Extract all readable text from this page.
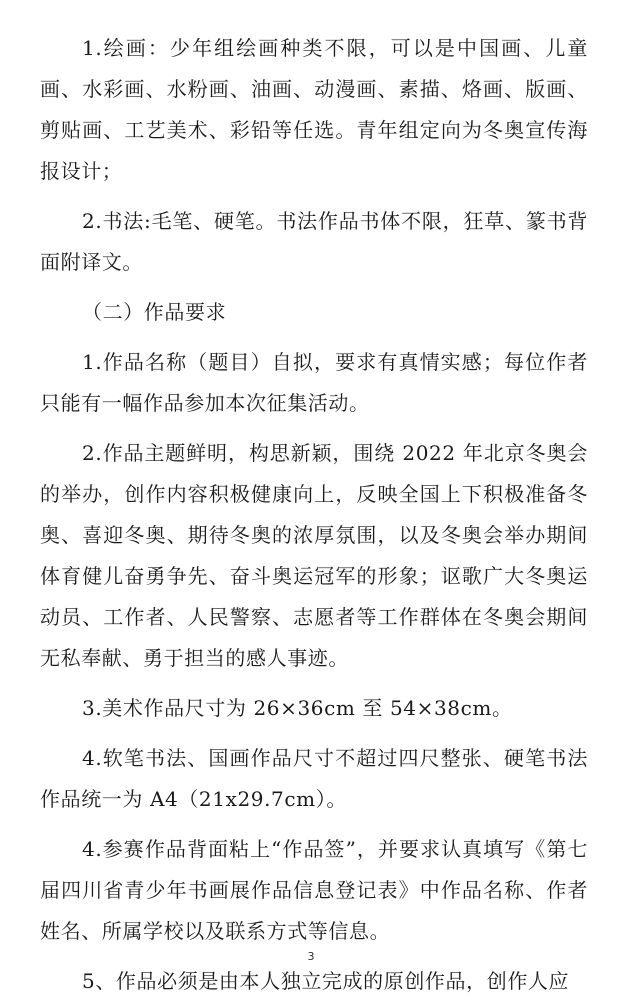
1.绘画：少年组绘画种类不限，可以是中国画、儿童画、水彩画、水粉画、油画、动漫画、素描、烙画、版画、剪贴画、工艺美术、彩铅等任选。青年组定向为冬奥宣传海报设计；

2.书法:毛笔、硬笔。书法作品书体不限，狂草、篆书背面附译文。

（二）作品要求

1.作品名称（题目）自拟，要求有真情实感；每位作者只能有一幅作品参加本次征集活动。

2.作品主题鲜明，构思新颖，围绕 2022 年北京冬奥会的举办，创作内容积极健康向上，反映全国上下积极准备冬奥、喜迎冬奥、期待冬奥的浓厚氛围，以及冬奥会举办期间体育健儿奋勇争先、奋斗奥运冠军的形象；讴歌广大冬奥运动员、工作者、人民警察、志愿者等工作群体在冬奥会期间无私奉献、勇于担当的感人事迹。

3.美术作品尺寸为 26×36cm 至 54×38cm。

4.软笔书法、国画作品尺寸不超过四尺整张、硬笔书法作品统一为 A4（21x29.7cm）。

4.参赛作品背面粘上“作品签”，并要求认真填写《第七届四川省青少年书画展作品信息登记表》中作品名称、作者姓名、所属学校以及联系方式等信息。

5、作品必须是由本人独立完成的原创作品，创作人应

3
